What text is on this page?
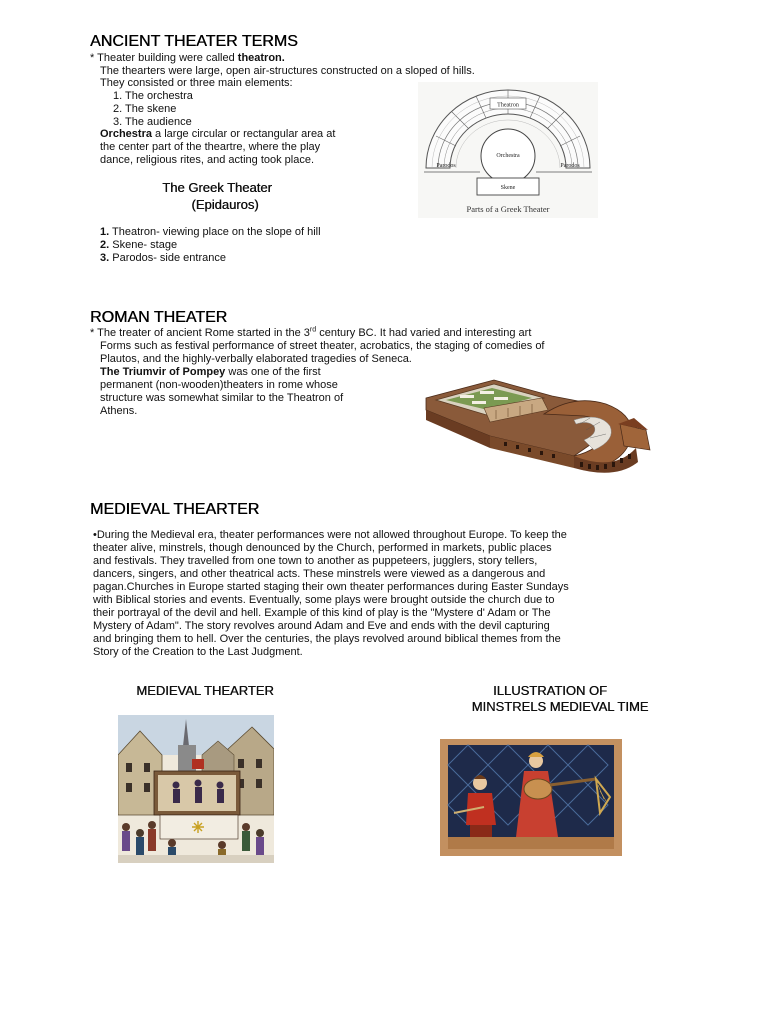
ANCIENT THEATER TERMS
* Theater building were called theatron.
The thearters were large, open air-structures constructed on a sloped of hills.
They consisted or three main elements:
1. The orchestra
2. The skene
3. The audience
Orchestra a large circular or rectangular area at
the center part of the theartre, where the play
dance, religious rites, and acting took place.
The Greek Theater
(Epidauros)
1. Theatron- viewing place on the slope of hill
2. Skene- stage
3. Parodos- side entrance
Theatron
Orchestra
Parodos	Parodos
Skene
Parts of a Greek Theater
ROMAN THEATER
* The treater of ancient Rome started in the 3rd century BC. It had varied and interesting art
Forms such as festival performance of street theater, acrobatics, the staging of comedies of
Plautos, and the highly-verbally elaborated tragedies of Seneca.
The Triumvir of Pompey was one of the first
permanent (non-wooden)theaters in rome whose
structure was somewhat similar to the Theatron of
Athens.
MEDIEVAL THEARTER
•During the Medieval era, theater performances were not allowed throughout Europe. To keep the theater alive, minstrels, though denounced by the Church, performed in markets, public places and festivals. They travelled from one town to another as puppeteers, jugglers, story tellers, dancers, singers, and other theatrical acts. These minstrels were viewed as a dangerous and pagan.Churches in Europe started staging their own theater performances during Easter Sundays with Biblical stories and events. Eventually, some plays were brought outside the church due to their portrayal of the devil and hell. Example of this kind of play is the "Mystere d' Adam or The Mystery of Adam". The story revolves around Adam and Eve and ends with the devil capturing and bringing them to hell. Over the centuries, the plays revolved around biblical themes from the Story of the Creation to the Last Judgment.
MEDIEVAL THEARTER	ILLUSTRATION OF
MINSTRELS MEDIEVAL TIME
